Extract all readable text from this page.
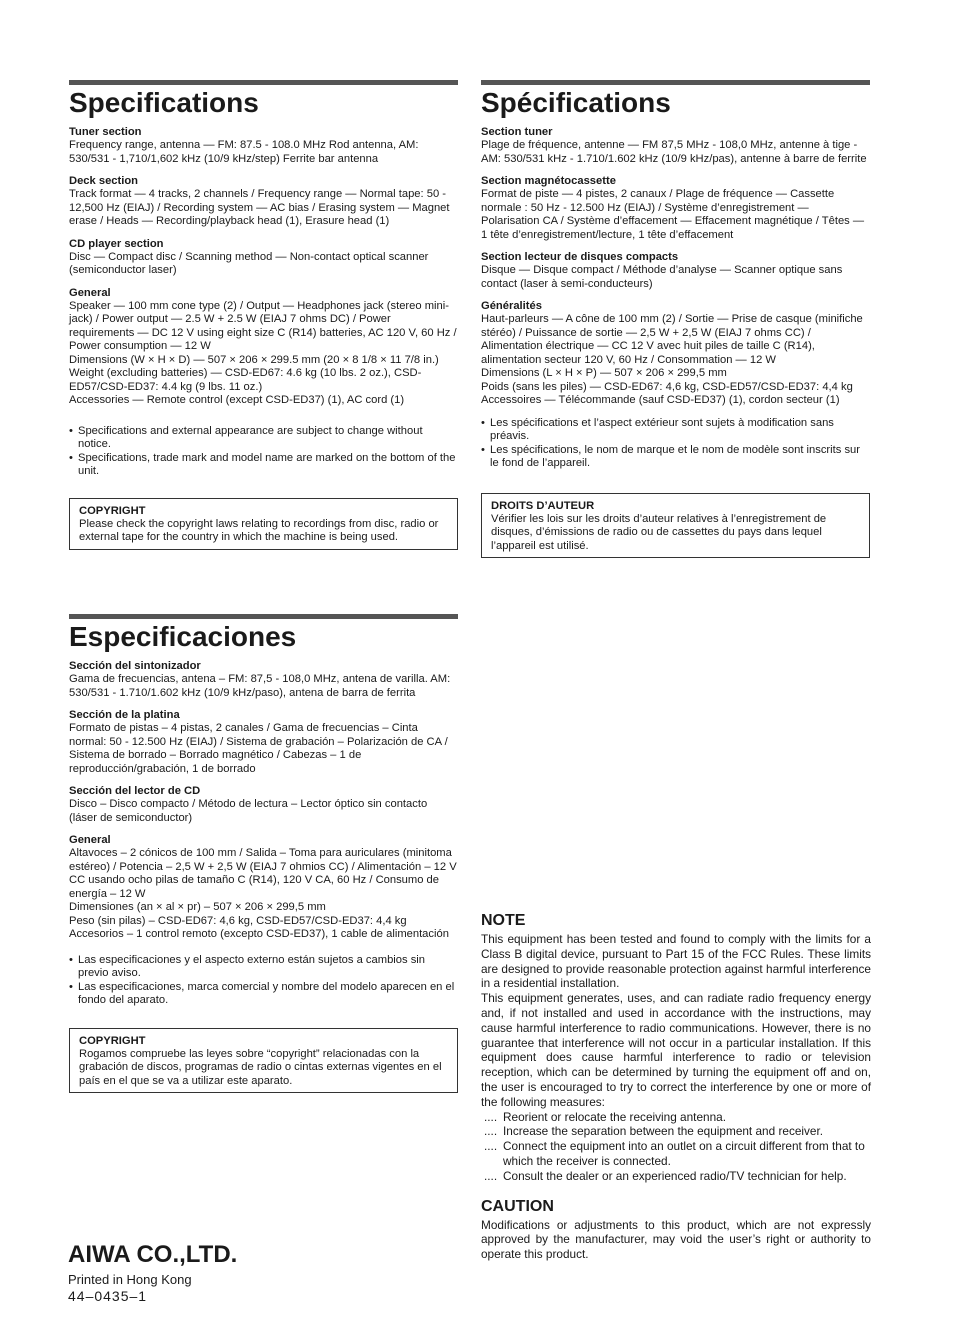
Specifications
Tuner section

Frequency range, antenna — FM: 87.5 - 108.0 MHz Rod antenna, AM: 530/531 - 1,710/1,602 kHz (10/9 kHz/step) Ferrite bar antenna

Deck section

Track format — 4 tracks, 2 channels / Frequency range — Normal tape: 50 - 12,500 Hz (EIAJ) / Recording system — AC bias / Erasing system — Magnet erase / Heads — Recording/playback head (1), Erasure head (1)

CD player section

Disc — Compact disc / Scanning method — Non-contact optical scanner (semiconductor laser)

General

Speaker — 100 mm cone type (2) / Output — Headphones jack (stereo mini-jack) / Power output — 2.5 W + 2.5 W (EIAJ 7 ohms DC) / Power requirements — DC 12 V using eight size C (R14) batteries, AC 120 V, 60 Hz / Power consumption — 12 W

Dimensions (W × H × D) — 507 × 206 × 299.5 mm (20 × 8 1/8 × 11 7/8 in.)

Weight (excluding batteries) — CSD-ED67: 4.6 kg (10 lbs. 2 oz.), CSD-ED57/CSD-ED37: 4.4 kg (9 lbs. 11 oz.)

Accessories — Remote control (except CSD-ED37) (1), AC cord (1)

• Specifications and external appearance are subject to change without notice.
• Specifications, trade mark and model name are marked on the bottom of the unit.
COPYRIGHT

Please check the copyright laws relating to recordings from disc, radio or external tape for the country in which the machine is being used.

Spécifications
Section tuner

Plage de fréquence, antenne — FM 87,5 MHz - 108,0 MHz, antenne à tige - AM: 530/531 kHz - 1.710/1.602 kHz (10/9 kHz/pas), antenne à barre de ferrite

Section magnétocassette

Format de piste — 4 pistes, 2 canaux / Plage de fréquence — Cassette normale : 50 Hz - 12.500 Hz (EIAJ) / Système d’enregistrement — Polarisation CA / Système d’effacement — Effacement magnétique / Têtes — 1 tête d’enregistrement/lecture, 1 tête d’effacement

Section lecteur de disques compacts

Disque — Disque compact / Méthode d’analyse — Scanner optique sans contact (laser à semi-conducteurs)

Généralités

Haut-parleurs — A cône de 100 mm (2) / Sortie — Prise de casque (minifiche stéréo) / Puissance de sortie — 2,5 W + 2,5 W (EIAJ 7 ohms CC) / Alimentation électrique — CC 12 V avec huit piles de taille C (R14), alimentation secteur 120 V, 60 Hz / Consommation — 12 W

Dimensions (L × H × P) — 507 × 206 × 299,5 mm

Poids (sans les piles) — CSD-ED67: 4,6 kg, CSD-ED57/CSD-ED37: 4,4 kg

Accessoires — Télécommande (sauf CSD-ED37) (1), cordon secteur (1)

• Les spécifications et l’aspect extérieur sont sujets à modification sans préavis.
• Les spécifications, le nom de marque et le nom de modèle sont inscrits sur le fond de l’appareil.
DROITS D’AUTEUR

Vérifier les lois sur les droits d’auteur relatives à l’enregistrement de disques, d’émissions de radio ou de cassettes du pays dans lequel l’appareil est utilisé.

Especificaciones
Sección del sintonizador

Gama de frecuencias, antena – FM: 87,5 - 108,0 MHz, antena de varilla. AM: 530/531 - 1.710/1.602 kHz (10/9 kHz/paso), antena de barra de ferrita

Sección de la platina

Formato de pistas – 4 pistas, 2 canales / Gama de frecuencias – Cinta normal: 50 - 12.500 Hz (EIAJ) / Sistema de grabación – Polarización de CA / Sistema de borrado – Borrado magnético / Cabezas – 1 de reproducción/grabación, 1 de borrado

Sección del lector de CD

Disco – Disco compacto / Método de lectura – Lector óptico sin contacto (láser de semiconductor)

General

Altavoces – 2 cónicos de 100 mm / Salida – Toma para auriculares (minitoma estéreo) / Potencia – 2,5 W + 2,5 W (EIAJ 7 ohmios CC) / Alimentación – 12 V CC usando ocho pilas de tamaño C (R14), 120 V CA, 60 Hz / Consumo de energía – 12 W

Dimensiones (an × al × pr) – 507 × 206 × 299,5 mm

Peso (sin pilas) – CSD-ED67: 4,6 kg, CSD-ED57/CSD-ED37: 4,4 kg

Accesorios – 1 control remoto (excepto CSD-ED37), 1 cable de alimentación

• Las especificaciones y el aspecto externo están sujetos a cambios sin previo aviso.
• Las especificaciones, marca comercial y nombre del modelo aparecen en el fondo del aparato.
COPYRIGHT

Rogamos compruebe las leyes sobre “copyright” relacionadas con la grabación de discos, programas de radio o cintas externas vigentes en el país en el que se va a utilizar este aparato.

NOTE

This equipment has been tested and found to comply with the limits for a Class B digital device, pursuant to Part 15 of the FCC Rules. These limits are designed to provide reasonable protection against harmful interference in a residential installation.

This equipment generates, uses, and can radiate radio frequency energy and, if not installed and used in accordance with the instructions, may cause harmful interference to radio communications. However, there is no guarantee that interference will not occur in a particular installation. If this equipment does cause harmful interference to radio or television reception, which can be determined by turning the equipment off and on, the user is encouraged to try to correct the interference by one or more of the following measures:

.... Reorient or relocate the receiving antenna.
.... Increase the separation between the equipment and receiver.
.... Connect the equipment into an outlet on a circuit different from that to which the receiver is connected.
.... Consult the dealer or an experienced radio/TV technician for help.
CAUTION

Modifications or adjustments to this product, which are not expressly approved by the manufacturer, may void the user’s right or authority to operate this product.

AIWA CO.,LTD.
Printed in Hong Kong
44–0435–1
